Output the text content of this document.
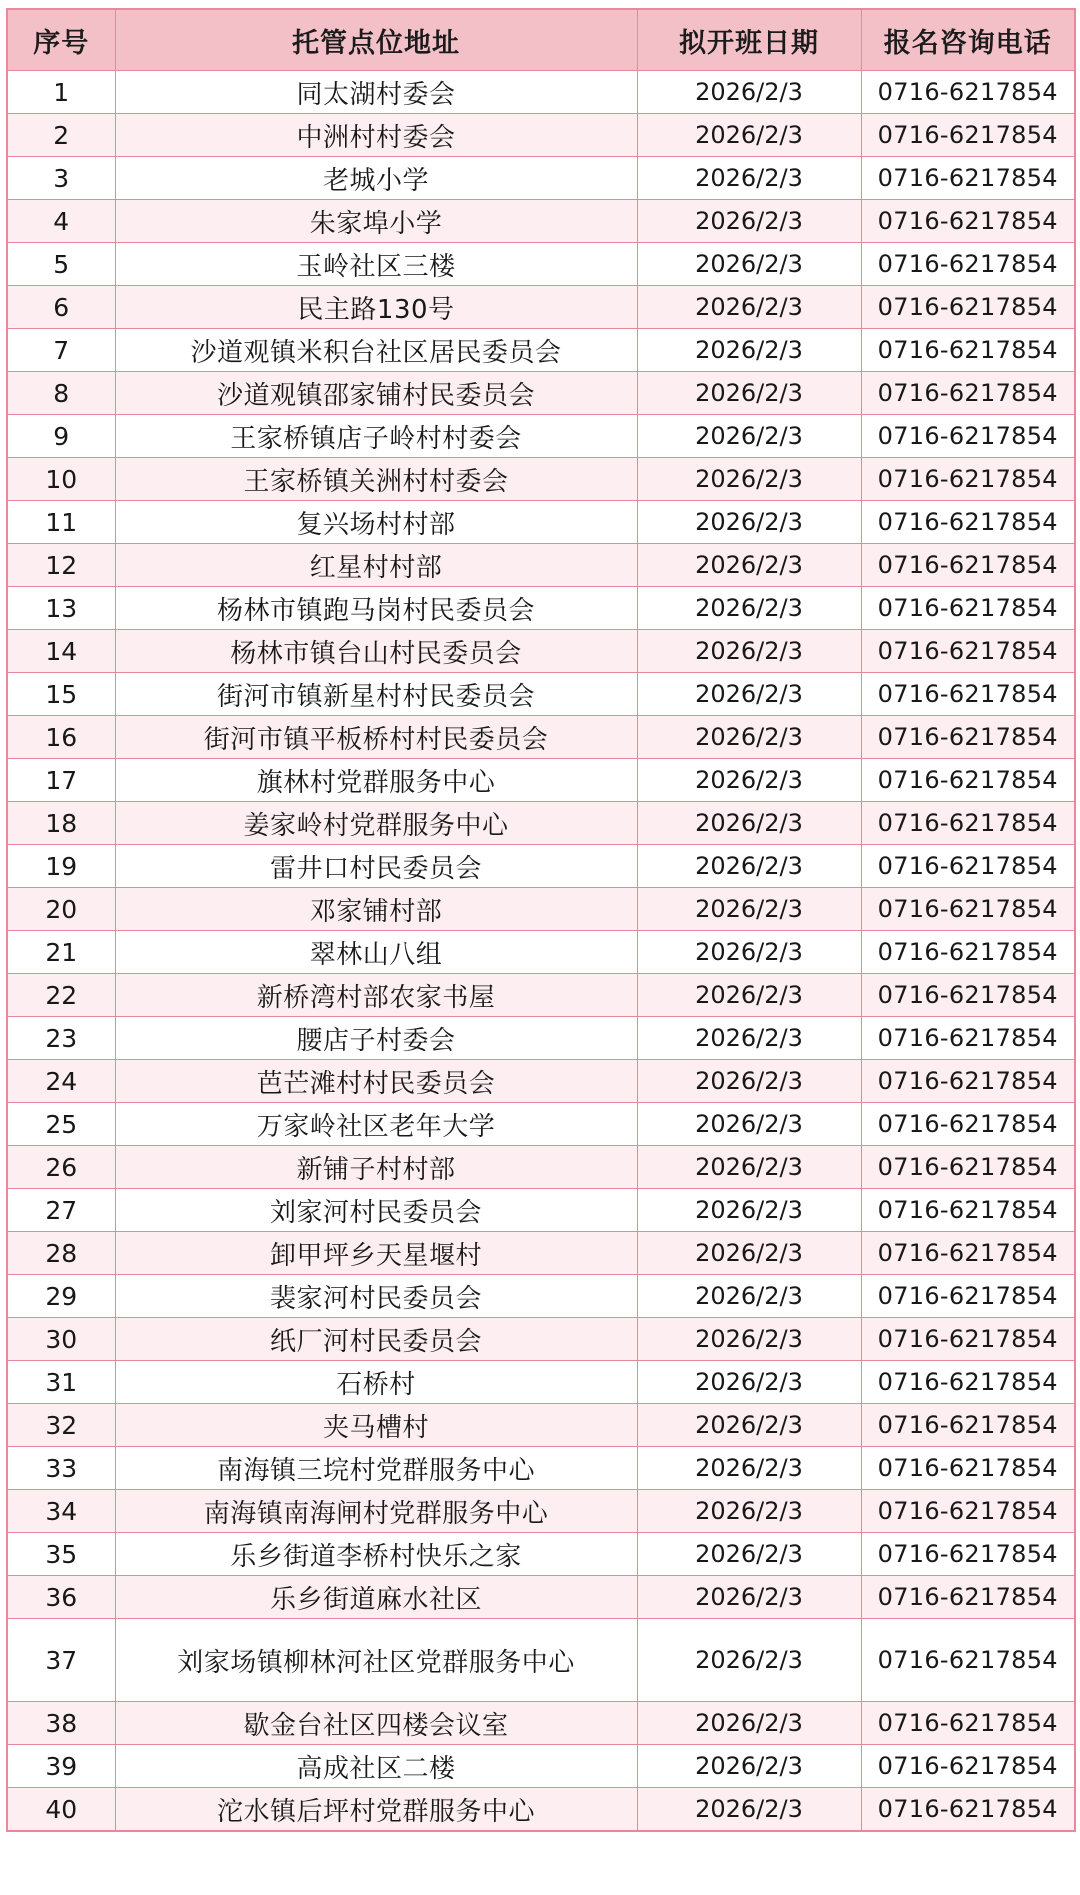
序号	托管点位地址	拟开班日期	报名咨询电话
1	同太湖村委会	2026/2/3	0716-6217854
2	中洲村村委会	2026/2/3	0716-6217854
3	老城小学	2026/2/3	0716-6217854
4	朱家埠小学	2026/2/3	0716-6217854
5	玉岭社区三楼	2026/2/3	0716-6217854
6	民主路130号	2026/2/3	0716-6217854
7	沙道观镇米积台社区居民委员会	2026/2/3	0716-6217854
8	沙道观镇邵家铺村民委员会	2026/2/3	0716-6217854
9	王家桥镇店子岭村村委会	2026/2/3	0716-6217854
10	王家桥镇关洲村村委会	2026/2/3	0716-6217854
11	复兴场村村部	2026/2/3	0716-6217854
12	红星村村部	2026/2/3	0716-6217854
13	杨林市镇跑马岗村民委员会	2026/2/3	0716-6217854
14	杨林市镇台山村民委员会	2026/2/3	0716-6217854
15	街河市镇新星村村民委员会	2026/2/3	0716-6217854
16	街河市镇平板桥村村民委员会	2026/2/3	0716-6217854
17	旗林村党群服务中心	2026/2/3	0716-6217854
18	姜家岭村党群服务中心	2026/2/3	0716-6217854
19	雷井口村民委员会	2026/2/3	0716-6217854
20	邓家铺村部	2026/2/3	0716-6217854
21	翠林山八组	2026/2/3	0716-6217854
22	新桥湾村部农家书屋	2026/2/3	0716-6217854
23	腰店子村委会	2026/2/3	0716-6217854
24	芭芒滩村村民委员会	2026/2/3	0716-6217854
25	万家岭社区老年大学	2026/2/3	0716-6217854
26	新铺子村村部	2026/2/3	0716-6217854
27	刘家河村民委员会	2026/2/3	0716-6217854
28	卸甲坪乡天星堰村	2026/2/3	0716-6217854
29	裴家河村民委员会	2026/2/3	0716-6217854
30	纸厂河村民委员会	2026/2/3	0716-6217854
31	石桥村	2026/2/3	0716-6217854
32	夹马槽村	2026/2/3	0716-6217854
33	南海镇三垸村党群服务中心	2026/2/3	0716-6217854
34	南海镇南海闸村党群服务中心	2026/2/3	0716-6217854
35	乐乡街道李桥村快乐之家	2026/2/3	0716-6217854
36	乐乡街道麻水社区	2026/2/3	0716-6217854
37	刘家场镇柳林河社区党群服务中心	2026/2/3	0716-6217854
38	歇金台社区四楼会议室	2026/2/3	0716-6217854
39	高成社区二楼	2026/2/3	0716-6217854
40	沱水镇后坪村党群服务中心	2026/2/3	0716-6217854
